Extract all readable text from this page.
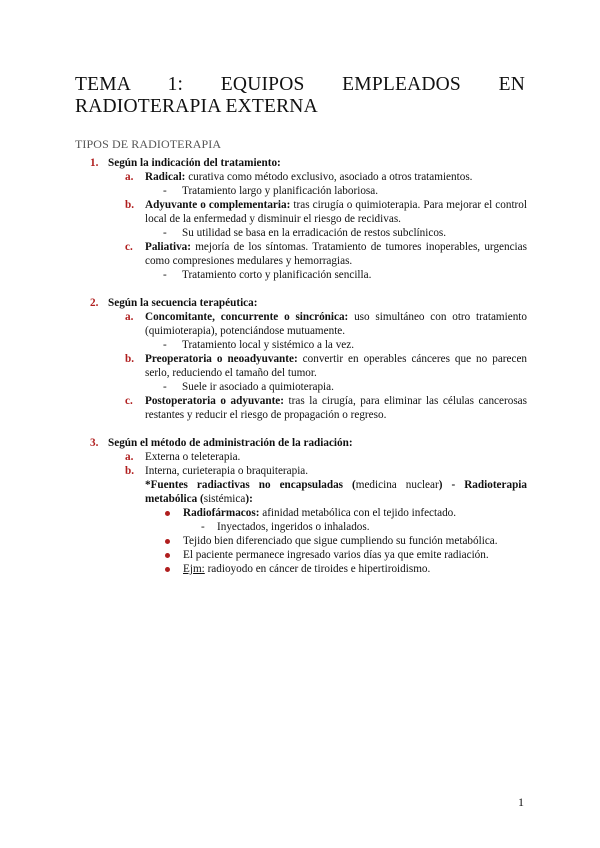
TEMA 1: EQUIPOS EMPLEADOS EN
RADIOTERAPIA EXTERNA
TIPOS DE RADIOTERAPIA
1. Según la indicación del tratamiento:
a. Radical: curativa como método exclusivo, asociado a otros tratamientos.
- Tratamiento largo y planificación laboriosa.
b. Adyuvante o complementaria: tras cirugía o quimioterapia. Para mejorar el control local de la enfermedad y disminuir el riesgo de recidivas.
- Su utilidad se basa en la erradicación de restos subclínicos.
c. Paliativa: mejoría de los síntomas. Tratamiento de tumores inoperables, urgencias como compresiones medulares y hemorragias.
- Tratamiento corto y planificación sencilla.
2. Según la secuencia terapéutica:
a. Concomitante, concurrente o sincrónica: uso simultáneo con otro tratamiento (quimioterapia), potenciándose mutuamente.
- Tratamiento local y sistémico a la vez.
b. Preoperatoria o neoadyuvante: convertir en operables cánceres que no parecen serlo, reduciendo el tamaño del tumor.
- Suele ir asociado a quimioterapia.
c. Postoperatoria o adyuvante: tras la cirugía, para eliminar las células cancerosas restantes y reducir el riesgo de propagación o regreso.
3. Según el método de administración de la radiación:
a. Externa o teleterapia.
b. Interna, curieterapia o braquiterapia.
*Fuentes radiactivas no encapsuladas (medicina nuclear) - Radioterapia metabólica (sistémica):
Radiofármacos: afinidad metabólica con el tejido infectado.
- Inyectados, ingeridos o inhalados.
Tejido bien diferenciado que sigue cumpliendo su función metabólica.
El paciente permanece ingresado varios días ya que emite radiación.
Ejm: radioyodo en cáncer de tiroides e hipertiroidismo.
1
